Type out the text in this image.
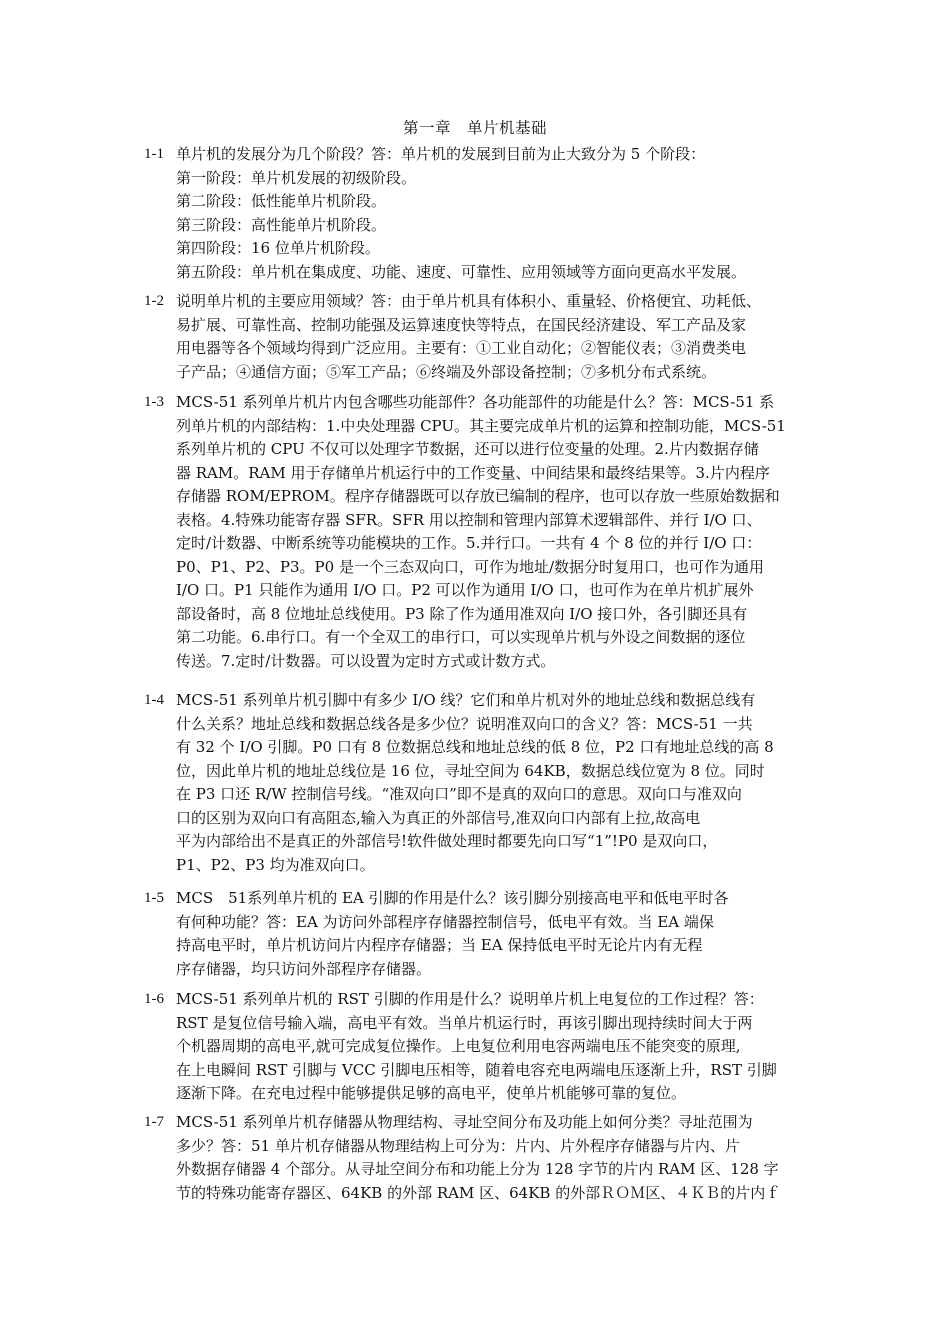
第一章　单片机基础
1-1 单片机的发展分为几个阶段？答：单片机的发展到目前为止大致分为 5 个阶段：
第一阶段：单片机发展的初级阶段。
第二阶段：低性能单片机阶段。
第三阶段：高性能单片机阶段。
第四阶段：16 位单片机阶段。
第五阶段：单片机在集成度、功能、速度、可靠性、应用领域等方面向更高水平发展。
1-2 说明单片机的主要应用领域？答：由于单片机具有体积小、重量轻、价格便宜、功耗低、
易扩展、可靠性高、控制功能强及运算速度快等特点，在国民经济建设、军工产品及家
用电器等各个领域均得到广泛应用。主要有：①工业自动化；②智能仪表；③消费类电
子产品；④通信方面；⑤军工产品；⑥终端及外部设备控制；⑦多机分布式系统。
1-3 MCS-51 系列单片机片内包含哪些功能部件？各功能部件的功能是什么？答：MCS-51 系
列单片机的内部结构：1.中央处理器 CPU。其主要完成单片机的运算和控制功能，MCS-51
系列单片机的 CPU 不仅可以处理字节数据，还可以进行位变量的处理。2.片内数据存储
器 RAM。RAM 用于存储单片机运行中的工作变量、中间结果和最终结果等。3.片内程序
存储器 ROM/EPROM。程序存储器既可以存放已编制的程序，也可以存放一些原始数据和
表格。4.特殊功能寄存器 SFR。SFR 用以控制和管理内部算术逻辑部件、并行 I/O 口、
定时/计数器、中断系统等功能模块的工作。5.并行口。一共有 4 个 8 位的并行 I/O 口：
P0、P1、P2、P3。P0 是一个三态双向口，可作为地址/数据分时复用口，也可作为通用
I/O 口。P1 只能作为通用 I/O 口。P2 可以作为通用 I/O 口，也可作为在单片机扩展外
部设备时，高 8 位地址总线使用。P3 除了作为通用准双向 I/O 接口外，各引脚还具有
第二功能。6.串行口。有一个全双工的串行口，可以实现单片机与外设之间数据的逐位
传送。7.定时/计数器。可以设置为定时方式或计数方式。
1-4 MCS-51 系列单片机引脚中有多少 I/O 线？它们和单片机对外的地址总线和数据总线有
什么关系？地址总线和数据总线各是多少位？说明准双向口的含义？答：MCS-51 一共
有 32 个 I/O 引脚。P0 口有 8 位数据总线和地址总线的低 8 位，P2 口有地址总线的高 8
位，因此单片机的地址总线位是 16 位，寻址空间为 64KB，数据总线位宽为 8 位。同时
在 P3 口还 R/W 控制信号线。“准双向口”即不是真的双向口的意思。双向口与准双向
口的区别为双向口有高阻态,输入为真正的外部信号,准双向口内部有上拉,故高电
平为内部给出不是真正的外部信号!软件做处理时都要先向口写“1”!P0 是双向口，
P1、P2、P3 均为准双向口。
1-5 MCS　51系列单片机的 EA 引脚的作用是什么？该引脚分别接高电平和低电平时各
有何种功能？答：EA 为访问外部程序存储器控制信号，低电平有效。当 EA 端保
持高电平时，单片机访问片内程序存储器；当 EA 保持低电平时无论片内有无程
序存储器，均只访问外部程序存储器。
1-6 MCS-51 系列单片机的 RST 引脚的作用是什么？说明单片机上电复位的工作过程？答：
RST 是复位信号输入端，高电平有效。当单片机运行时，再该引脚出现持续时间大于两
个机器周期的高电平,就可完成复位操作。上电复位利用电容两端电压不能突变的原理,
在上电瞬间 RST 引脚与 VCC 引脚电压相等，随着电容充电两端电压逐渐上升，RST 引脚
逐渐下降。在充电过程中能够提供足够的高电平，使单片机能够可靠的复位。
1-7 MCS-51 系列单片机存储器从物理结构、寻址空间分布及功能上如何分类？寻址范围为
多少？答：51 单片机存储器从物理结构上可分为：片内、片外程序存储器与片内、片
外数据存储器 4 个部分。从寻址空间分布和功能上分为 128 字节的片内 RAM 区、128 字
节的特殊功能寄存器区、64KB 的外部 RAM 区、64KB 的外部ＲＯＭ区、４ＫＢ的片内ｆ
